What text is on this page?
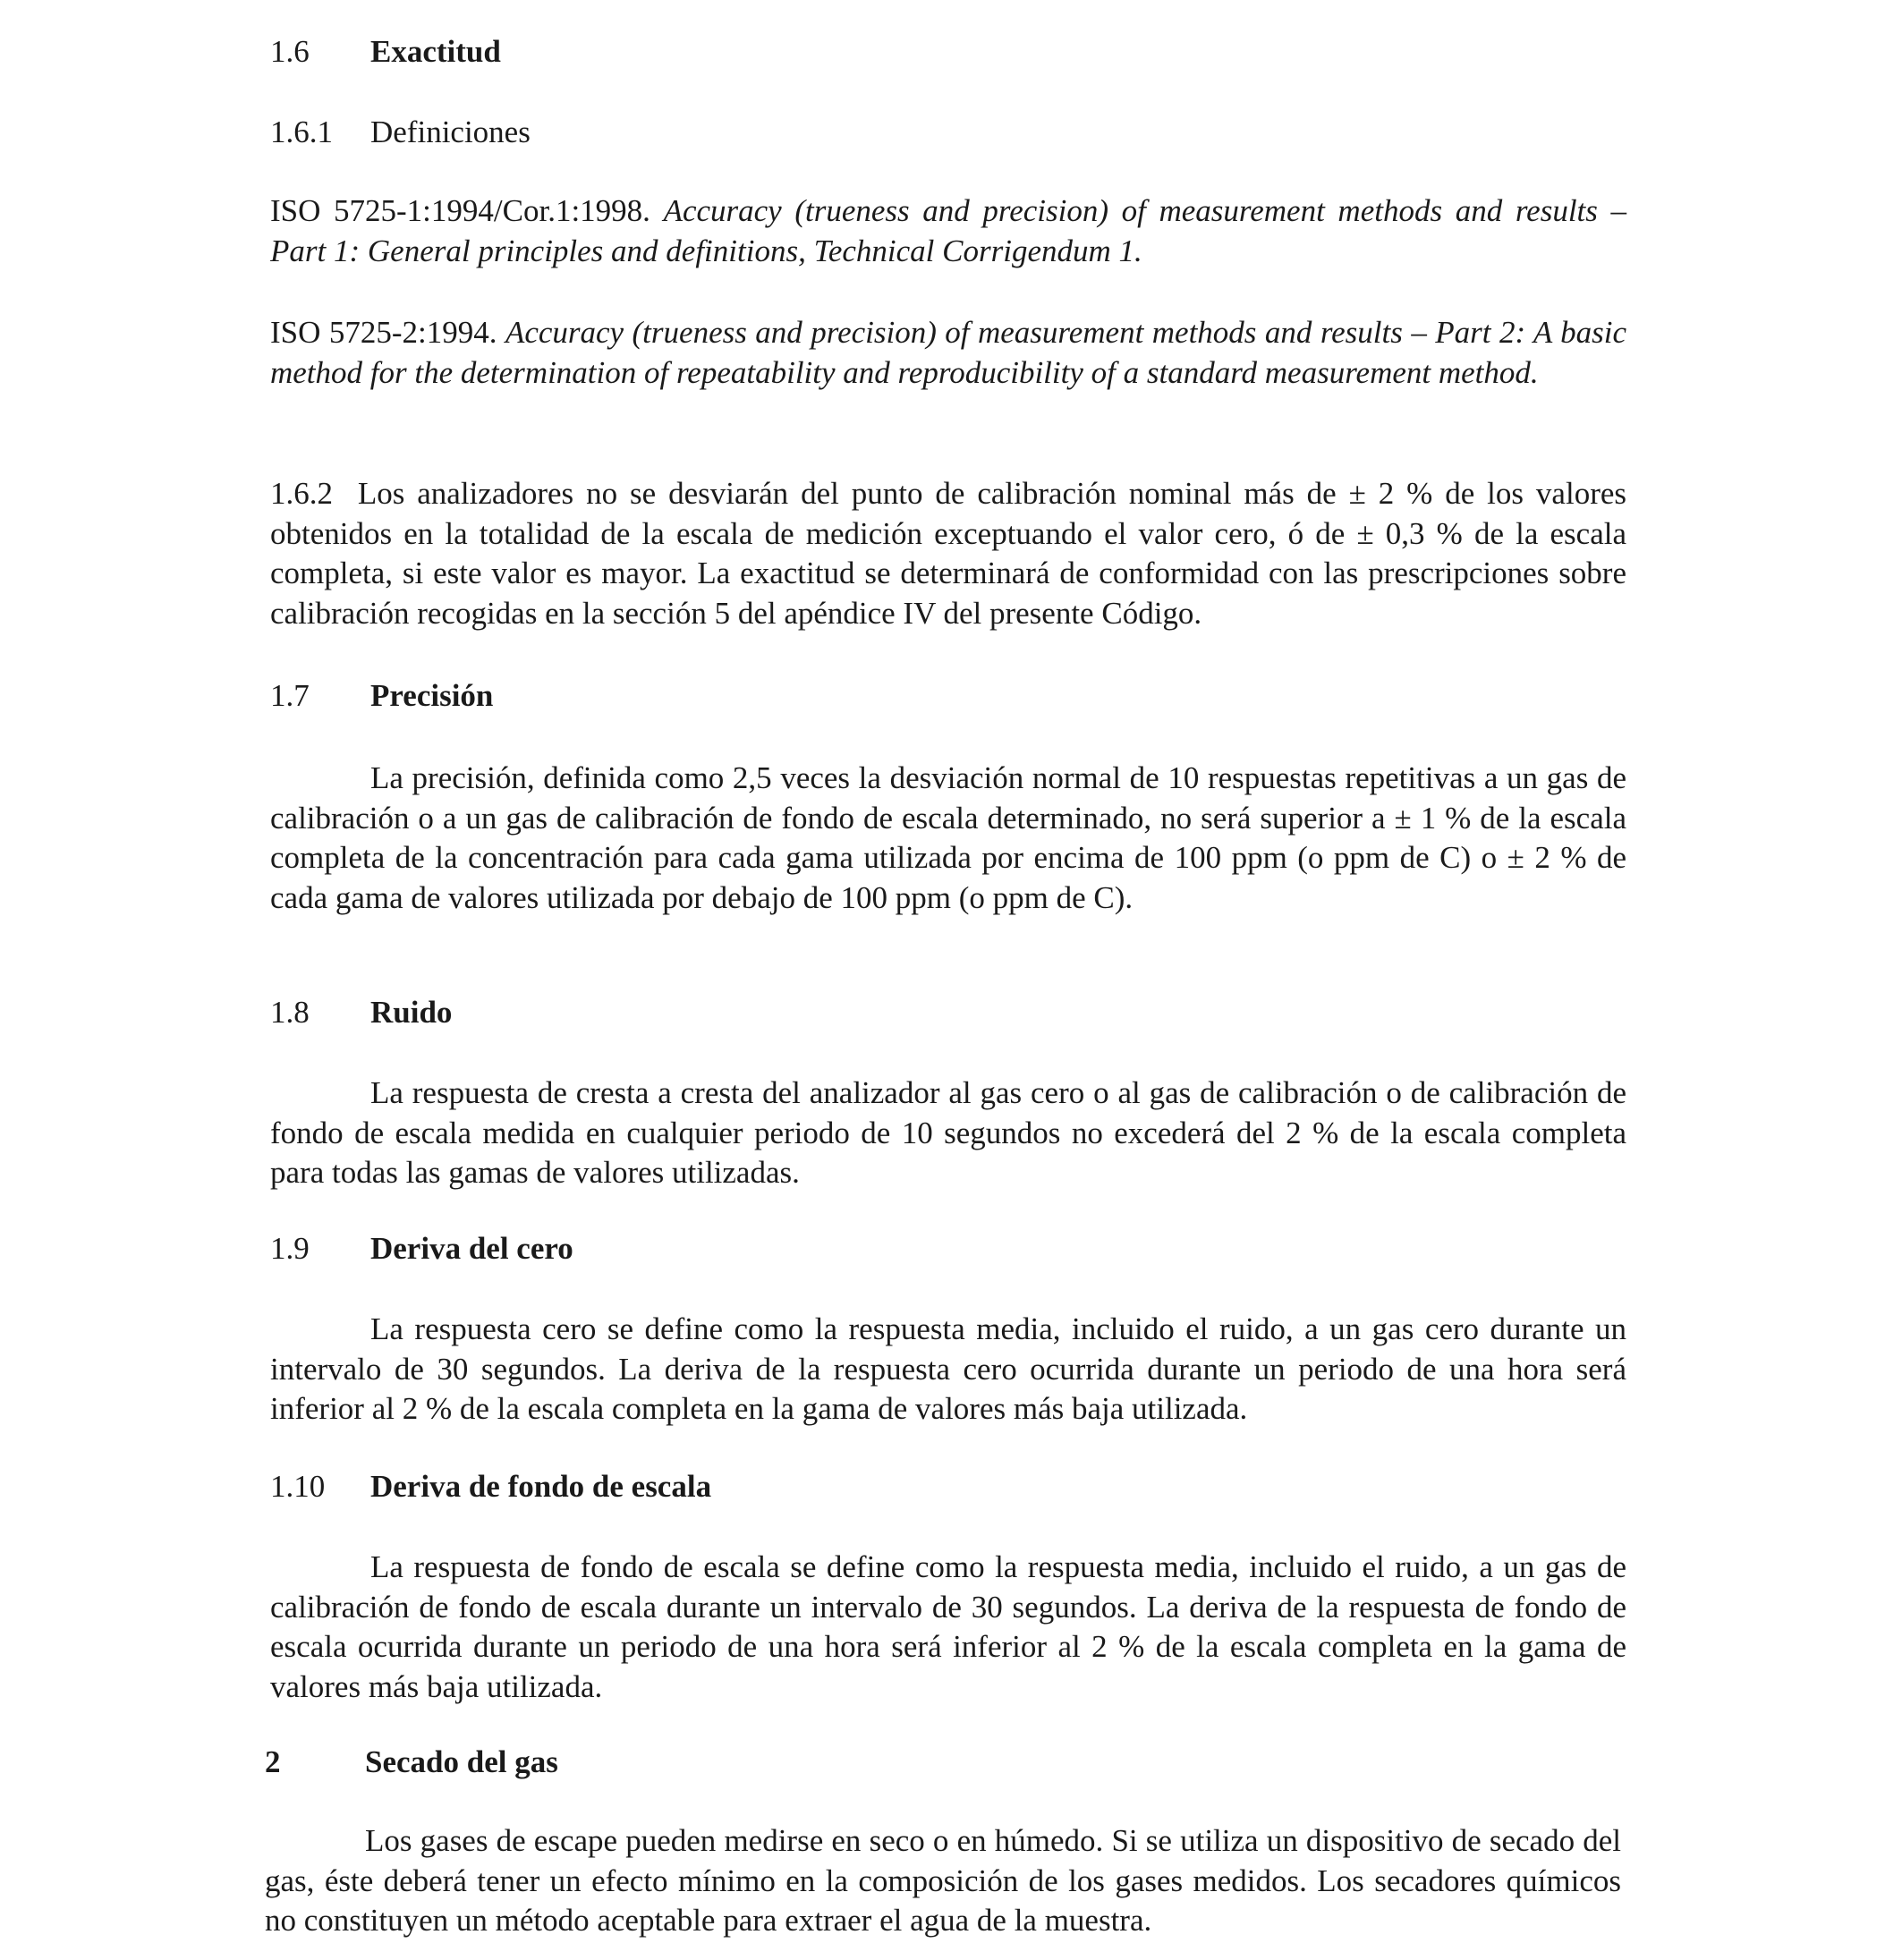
1.6 Exactitud
1.6.1 Definiciones
ISO 5725-1:1994/Cor.1:1998. Accuracy (trueness and precision) of measurement methods and results – Part 1: General principles and definitions, Technical Corrigendum 1.
ISO 5725-2:1994. Accuracy (trueness and precision) of measurement methods and results – Part 2: A basic method for the determination of repeatability and reproducibility of a standard measurement method.
1.6.2 Los analizadores no se desviarán del punto de calibración nominal más de ± 2 % de los valores obtenidos en la totalidad de la escala de medición exceptuando el valor cero, ó de ± 0,3 % de la escala completa, si este valor es mayor. La exactitud se determinará de conformidad con las prescripciones sobre calibración recogidas en la sección 5 del apéndice IV del presente Código.
1.7 Precisión
La precisión, definida como 2,5 veces la desviación normal de 10 respuestas repetitivas a un gas de calibración o a un gas de calibración de fondo de escala determinado, no será superior a ± 1 % de la escala completa de la concentración para cada gama utilizada por encima de 100 ppm (o ppm de C) o ± 2 % de cada gama de valores utilizada por debajo de 100 ppm (o ppm de C).
1.8 Ruido
La respuesta de cresta a cresta del analizador al gas cero o al gas de calibración o de calibración de fondo de escala medida en cualquier periodo de 10 segundos no excederá del 2 % de la escala completa para todas las gamas de valores utilizadas.
1.9 Deriva del cero
La respuesta cero se define como la respuesta media, incluido el ruido, a un gas cero durante un intervalo de 30 segundos. La deriva de la respuesta cero ocurrida durante un periodo de una hora será inferior al 2 % de la escala completa en la gama de valores más baja utilizada.
1.10 Deriva de fondo de escala
La respuesta de fondo de escala se define como la respuesta media, incluido el ruido, a un gas de calibración de fondo de escala durante un intervalo de 30 segundos. La deriva de la respuesta de fondo de escala ocurrida durante un periodo de una hora será inferior al 2 % de la escala completa en la gama de valores más baja utilizada.
2	Secado del gas
Los gases de escape pueden medirse en seco o en húmedo. Si se utiliza un dispositivo de secado del gas, éste deberá tener un efecto mínimo en la composición de los gases medidos. Los secadores químicos no constituyen un método aceptable para extraer el agua de la muestra.
